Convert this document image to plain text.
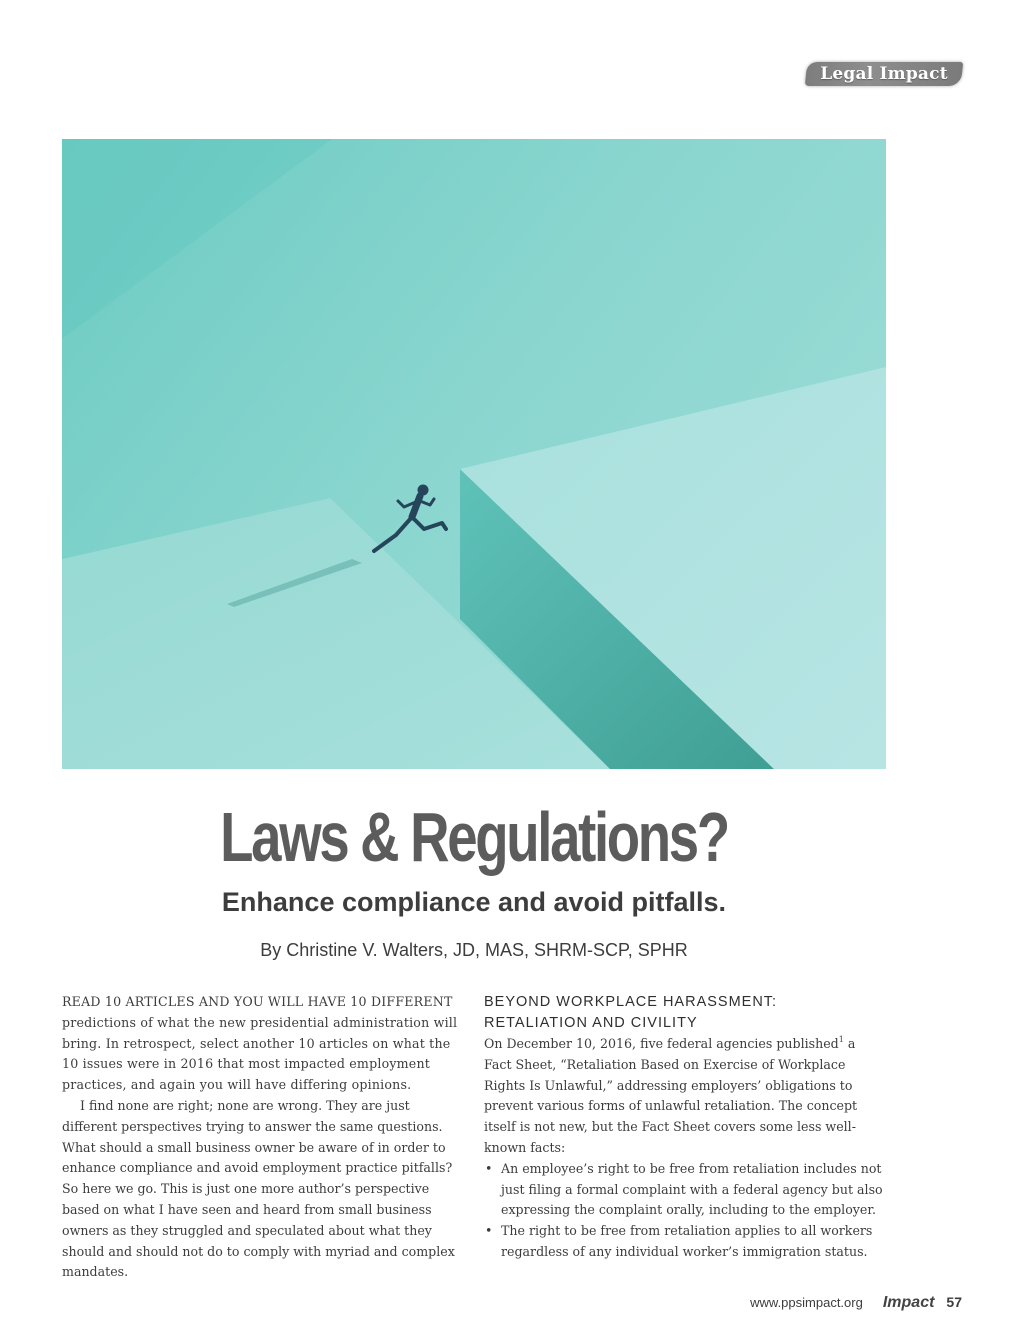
Legal Impact
Laws & Regulations?
Enhance compliance and avoid pitfalls.

By Christine V. Walters, JD, MAS, SHRM-SCP, SPHR

READ 10 ARTICLES AND YOU WILL HAVE 10 DIFFERENT predictions of what the new presidential administration will bring. In retrospect, select another 10 articles on what the 10 issues were in 2016 that most impacted employment practices, and again you will have differing opinions.

I find none are right; none are wrong. They are just different perspectives trying to answer the same questions. What should a small business owner be aware of in order to enhance compliance and avoid employment practice pitfalls? So here we go. This is just one more author’s perspective based on what I have seen and heard from small business owners as they struggled and speculated about what they should and should not do to comply with myriad and complex mandates.

BEYOND WORKPLACE HARASSMENT:

RETALIATION AND CIVILITY

On December 10, 2016, five federal agencies published$^1$ a Fact Sheet, “Retaliation Based on Exercise of Workplace Rights Is Unlawful,” addressing employers’ obligations to prevent various forms of unlawful retaliation. The concept itself is not new, but the Fact Sheet covers some less well-known facts:

• An employee’s right to be free from retaliation includes not just filing a formal complaint with a federal agency but also expressing the complaint orally, including to the employer.
• The right to be free from retaliation applies to all workers regardless of any individual worker’s immigration status.
www.ppsimpact.org Impact 57
